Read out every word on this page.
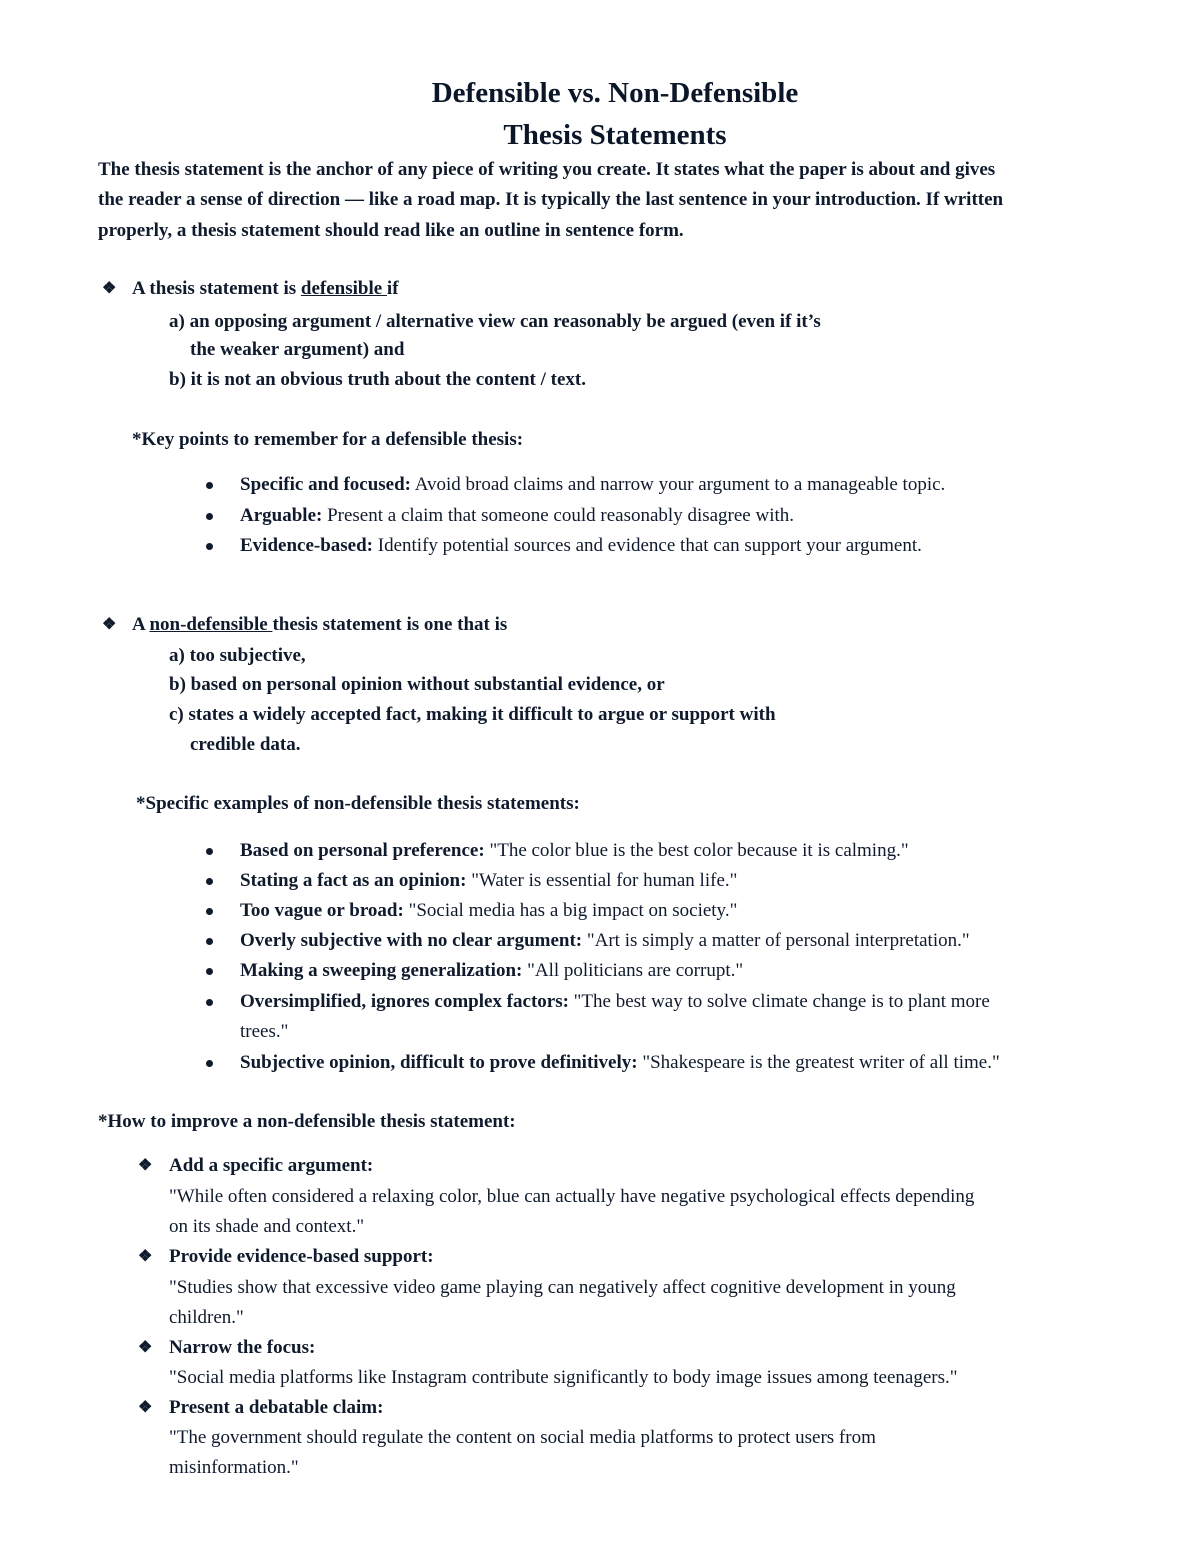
Defensible vs. Non-Defensible
Thesis Statements
The thesis statement is the anchor of any piece of writing you create. It states what the paper is about and gives
the reader a sense of direction — like a road map. It is typically the last sentence in your introduction. If written
properly, a thesis statement should read like an outline in sentence form.
❖ A thesis statement is defensible if
a) an opposing argument / alternative view can reasonably be argued (even if it’s
the weaker argument) and
b) it is not an obvious truth about the content / text.
*Key points to remember for a defensible thesis:
Specific and focused: Avoid broad claims and narrow your argument to a manageable topic.
Arguable: Present a claim that someone could reasonably disagree with.
Evidence-based: Identify potential sources and evidence that can support your argument.
❖ A non-defensible thesis statement is one that is
a) too subjective,
b) based on personal opinion without substantial evidence, or
c) states a widely accepted fact, making it difficult to argue or support with
credible data.
*Specific examples of non-defensible thesis statements:
Based on personal preference: "The color blue is the best color because it is calming."
Stating a fact as an opinion: "Water is essential for human life."
Too vague or broad: "Social media has a big impact on society."
Overly subjective with no clear argument: "Art is simply a matter of personal interpretation."
Making a sweeping generalization: "All politicians are corrupt."
Oversimplified, ignores complex factors: "The best way to solve climate change is to plant more
trees."
Subjective opinion, difficult to prove definitively: "Shakespeare is the greatest writer of all time."
*How to improve a non-defensible thesis statement:
❖ Add a specific argument:
"While often considered a relaxing color, blue can actually have negative psychological effects depending
on its shade and context."
❖ Provide evidence-based support:
"Studies show that excessive video game playing can negatively affect cognitive development in young
children."
❖ Narrow the focus:
"Social media platforms like Instagram contribute significantly to body image issues among teenagers."
❖ Present a debatable claim:
"The government should regulate the content on social media platforms to protect users from
misinformation."
